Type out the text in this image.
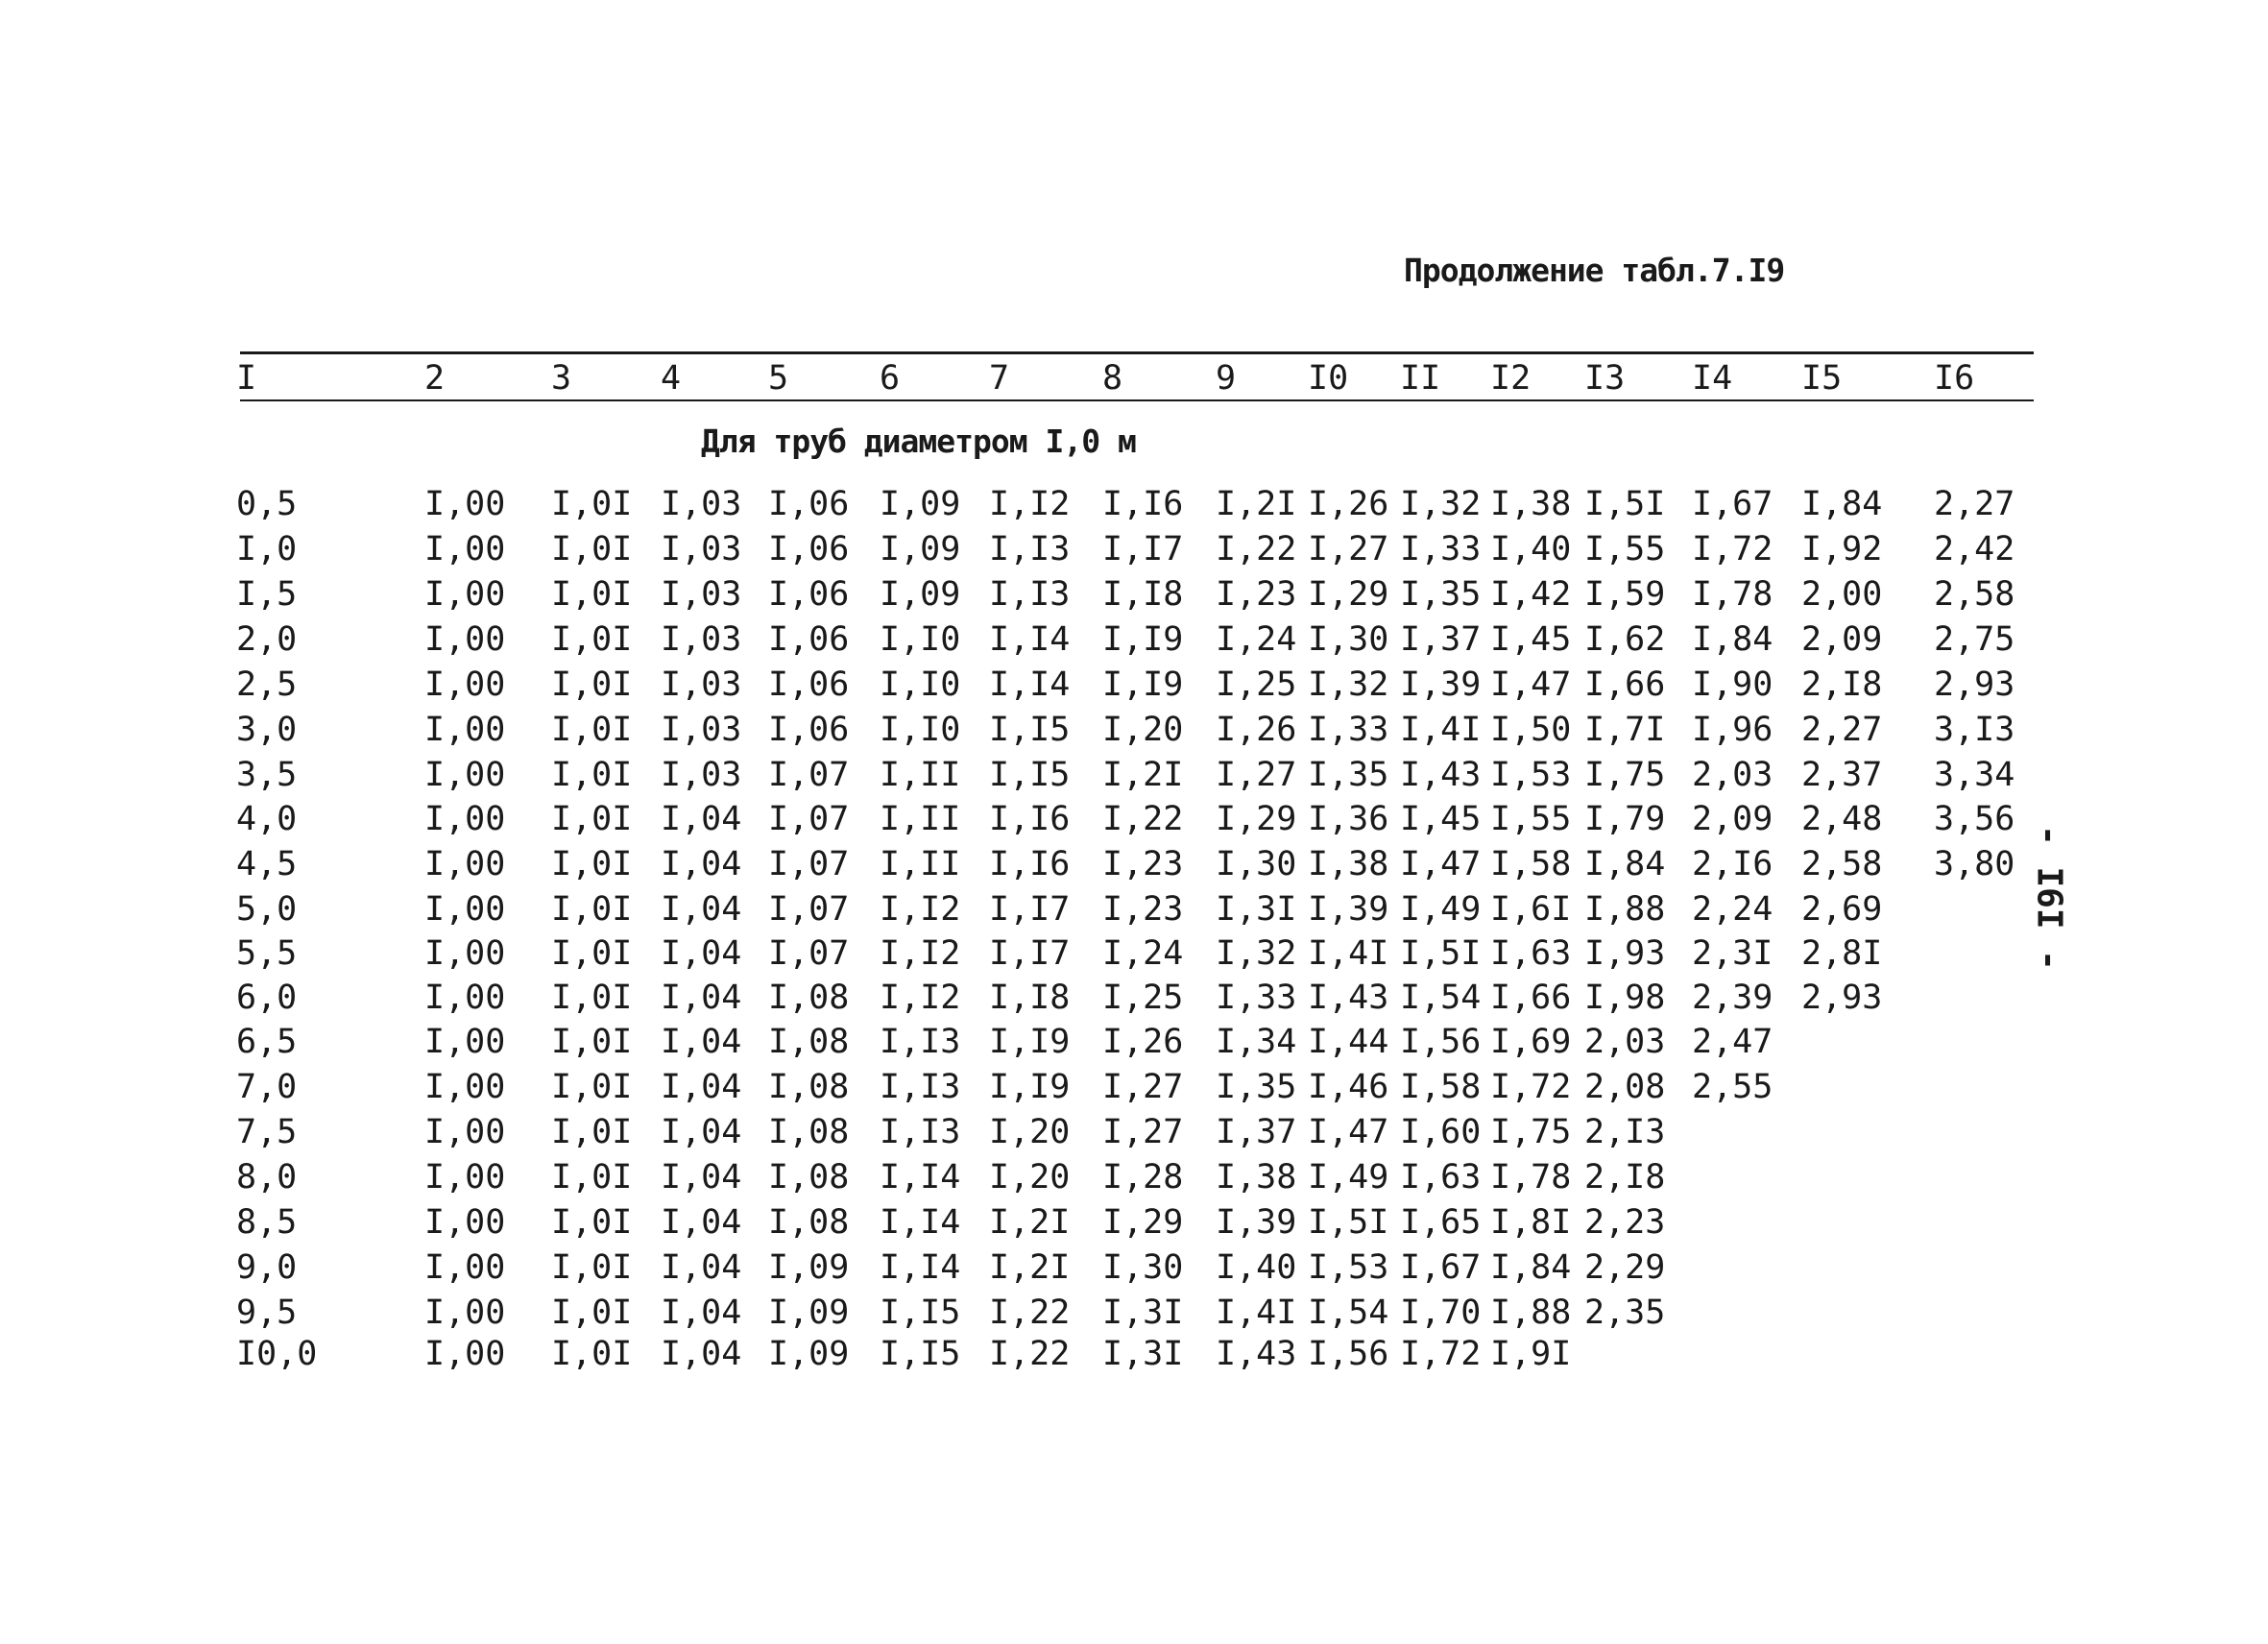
Продолжение табл.7.I9
I	2	3	4	5	6	7	8	9 I0 II I2 I3 I4 I5	I6
Для труб диаметром I,0 м
0,5	I,00 I,0I I,03 I,06 I,09 I,I2 I,I6 I,2I I,26 I,32 I,38 I,5I I,67 I,84 2,27
I,0	I,00 I,0I I,03 I,06 I,09 I,I3 I,I7 I,22 I,27 I,33 I,40 I,55 I,72 I,92 2,42
I,5	I,00 I,0I I,03 I,06 I,09 I,I3 I,I8 I,23 I,29 I,35 I,42 I,59 I,78 2,00 2,58
2,0	I,00 I,0I I,03 I,06 I,I0 I,I4 I,I9 I,24 I,30 I,37 I,45 I,62 I,84 2,09 2,75
2,5	I,00 I,0I I,03 I,06 I,I0 I,I4 I,I9 I,25 I,32 I,39 I,47 I,66 I,90 2,I8 2,93
3,0	I,00 I,0I I,03 I,06 I,I0 I,I5 I,20 I,26 I,33 I,4I I,50 I,7I I,96 2,27 3,I3
3,5	I,00 I,0I I,03 I,07 I,II I,I5 I,2I I,27 I,35 I,43 I,53 I,75 2,03 2,37 3,34
4,0	I,00 I,0I I,04 I,07 I,II I,I6 I,22 I,29 I,36 I,45 I,55 I,79 2,09 2,48 3,56
4,5	I,00 I,0I I,04 I,07 I,II I,I6 I,23 I,30 I,38 I,47 I,58 I,84 2,I6 2,58 3,80
5,0	I,00 I,0I I,04 I,07 I,I2 I,I7 I,23 I,3I I,39 I,49 I,6I I,88 2,24 2,69
5,5	I,00 I,0I I,04 I,07 I,I2 I,I7 I,24 I,32 I,4I I,5I I,63 I,93 2,3I 2,8I
6,0	I,00 I,0I I,04 I,08 I,I2 I,I8 I,25 I,33 I,43 I,54 I,66 I,98 2,39 2,93
6,5	I,00 I,0I I,04 I,08 I,I3 I,I9 I,26 I,34 I,44 I,56 I,69 2,03 2,47
7,0	I,00 I,0I I,04 I,08 I,I3 I,I9 I,27 I,35 I,46 I,58 I,72 2,08 2,55
7,5	I,00 I,0I I,04 I,08 I,I3 I,20 I,27 I,37 I,47 I,60 I,75 2,I3
8,0	I,00 I,0I I,04 I,08 I,I4 I,20 I,28 I,38 I,49 I,63 I,78 2,I8
8,5	I,00 I,0I I,04 I,08 I,I4 I,2I I,29 I,39 I,5I I,65 I,8I 2,23
9,0	I,00 I,0I I,04 I,09 I,I4 I,2I I,30 I,40 I,53 I,67 I,84 2,29
9,5	I,00 I,0I I,04 I,09 I,I5 I,22 I,3I I,4I I,54 I,70 I,88 2,35
I0,0	I,00 I,0I I,04 I,09 I,I5 I,22 I,3I I,43 I,56 I,72 I,9I
- I6I -
